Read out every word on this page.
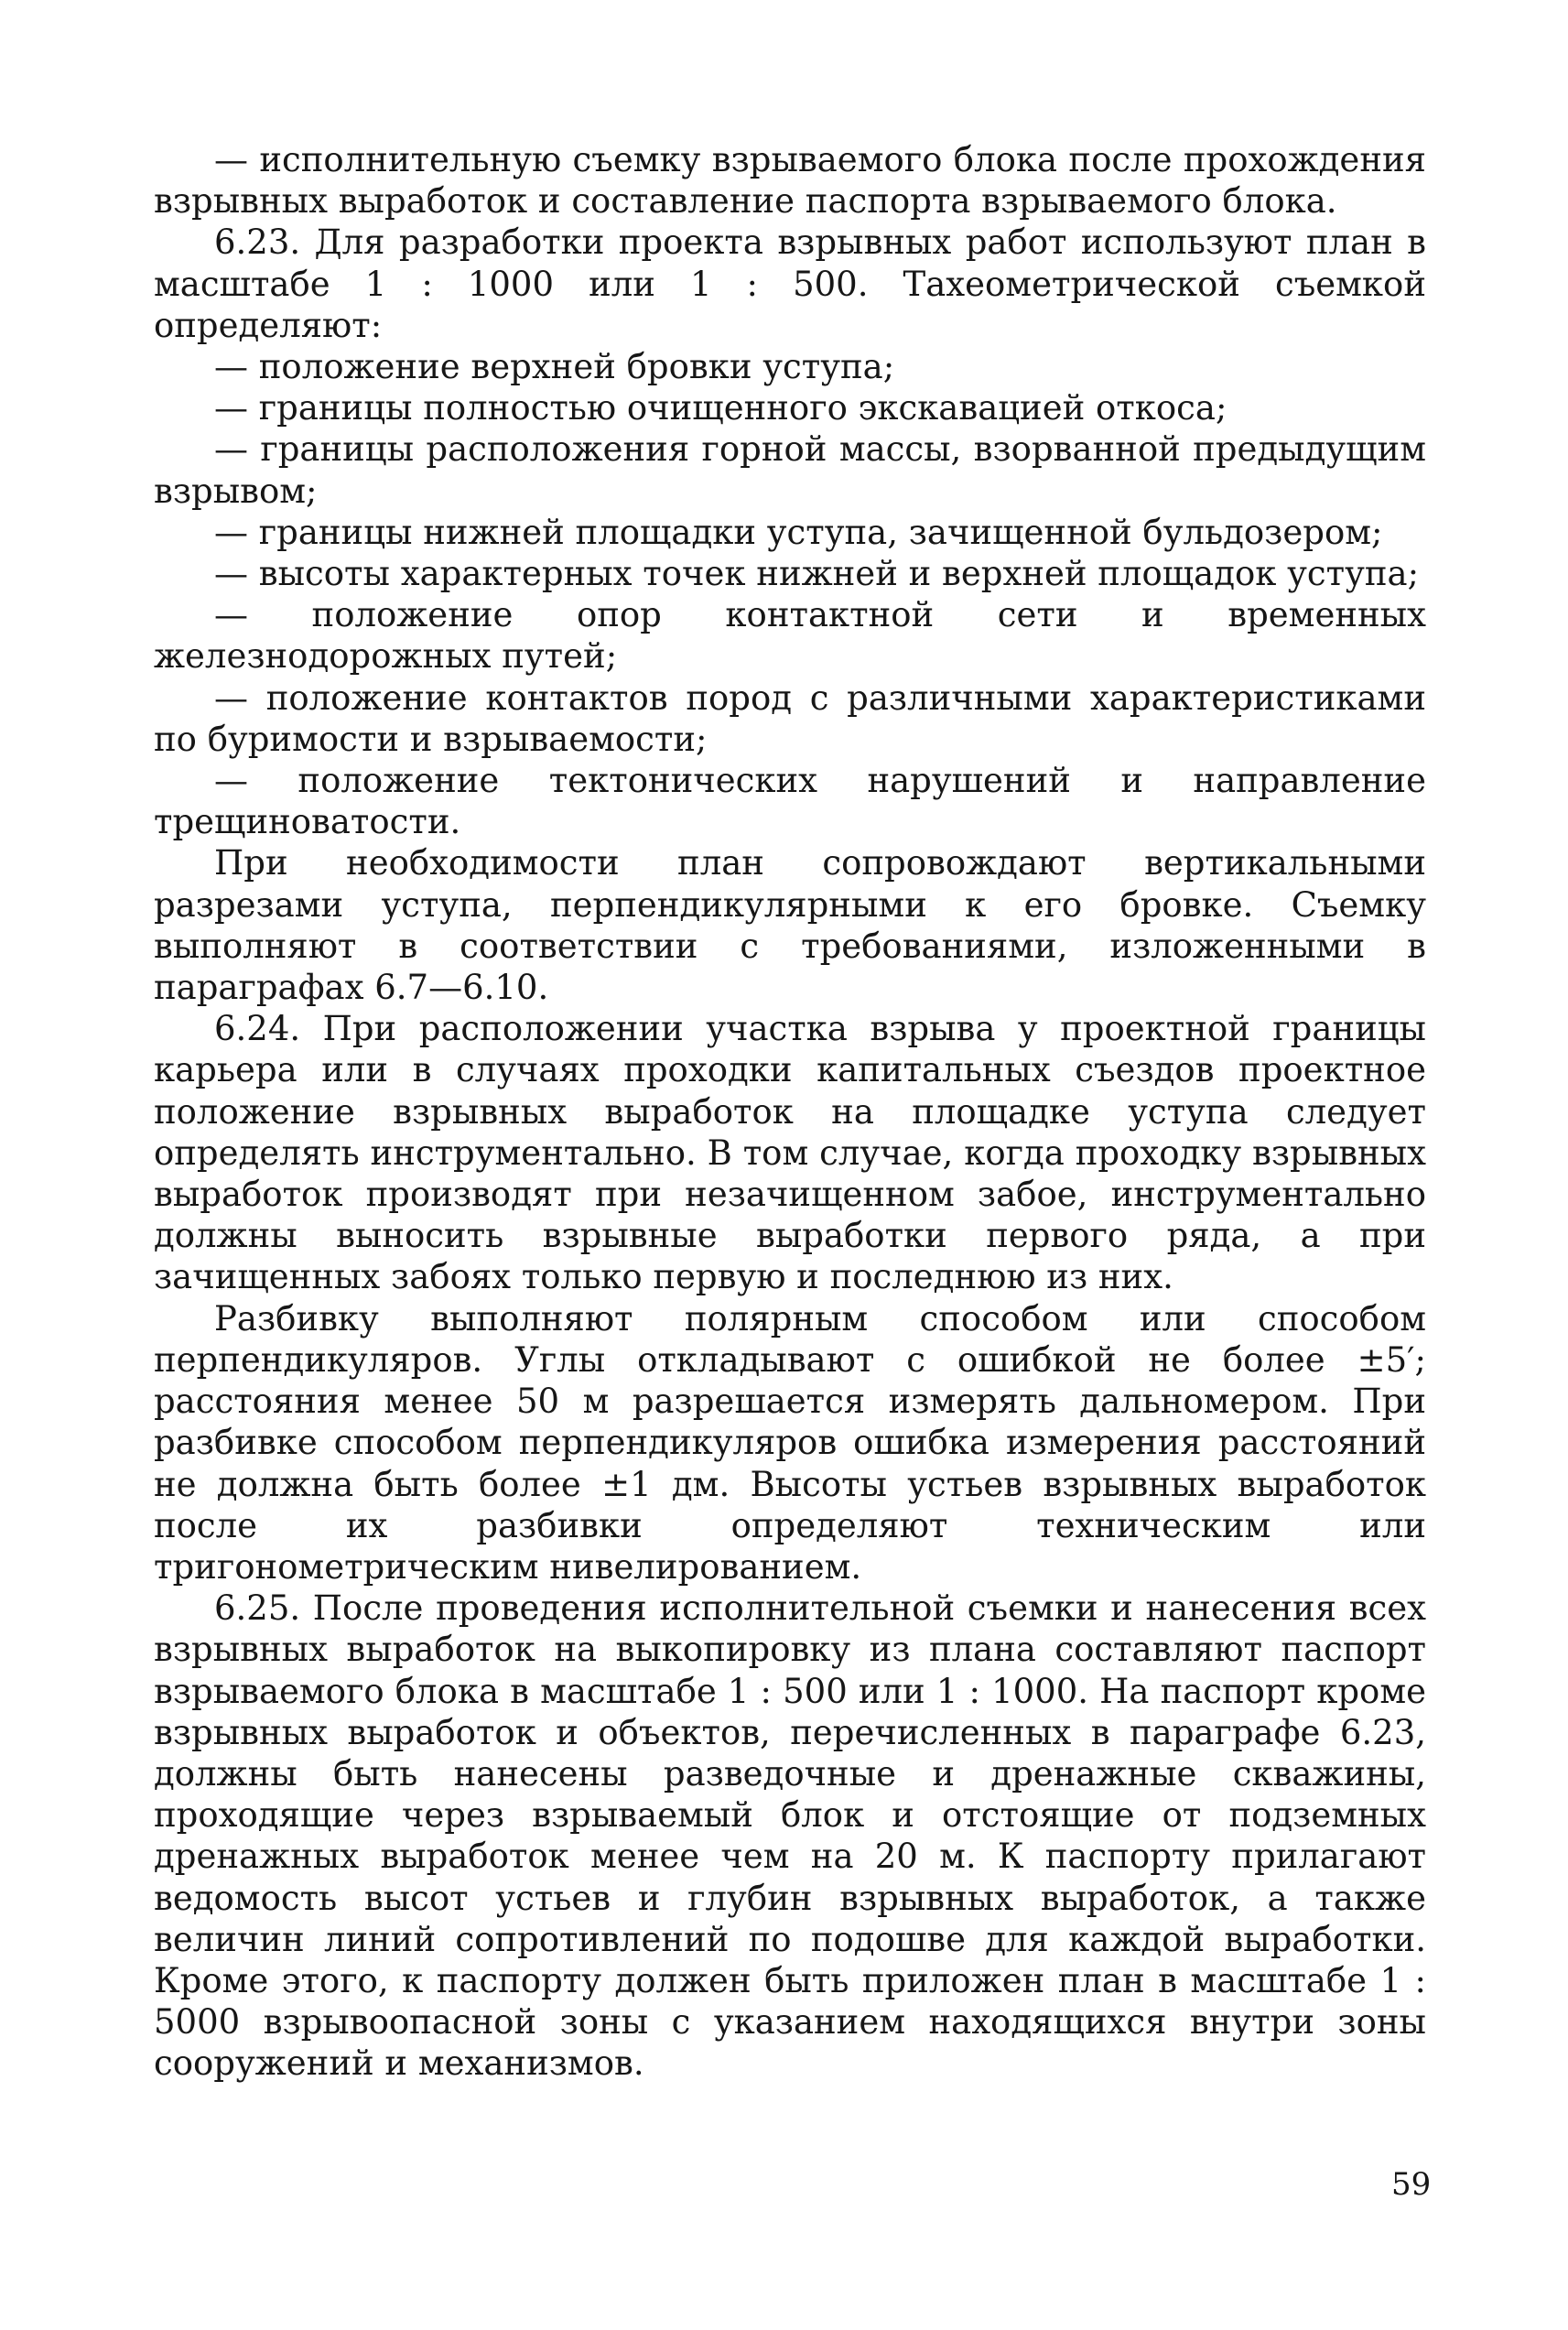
— исполнительную съемку взрываемого блока после прохождения взрывных выработок и составление паспорта взрываемого блока.

6.23. Для разработки проекта взрывных работ используют план в масштабе 1 : 1000 или 1 : 500. Тахеометрической съемкой определяют:

— положение верхней бровки уступа;

— границы полностью очищенного экскавацией откоса;

— границы расположения горной массы, взорванной предыдущим взрывом;

— границы нижней площадки уступа, зачищенной бульдозером;

— высоты характерных точек нижней и верхней площадок уступа;

— положение опор контактной сети и временных железнодорожных путей;

— положение контактов пород с различными характеристиками по буримости и взрываемости;

— положение тектонических нарушений и направление трещиноватости.

При необходимости план сопровождают вертикальными разрезами уступа, перпендикулярными к его бровке. Съемку выполняют в соответствии с требованиями, изложенными в параграфах 6.7—6.10.

6.24. При расположении участка взрыва у проектной границы карьера или в случаях проходки капитальных съездов проектное положение взрывных выработок на площадке уступа следует определять инструментально. В том случае, когда проходку взрывных выработок производят при незачищенном забое, инструментально должны выносить взрывные выработки первого ряда, а при зачищенных забоях только первую и последнюю из них.

Разбивку выполняют полярным способом или способом перпендикуляров. Углы откладывают с ошибкой не более ±5′; расстояния менее 50 м разрешается измерять дальномером. При разбивке способом перпендикуляров ошибка измерения расстояний не должна быть более ±1 дм. Высоты устьев взрывных выработок после их разбивки определяют техническим или тригонометрическим нивелированием.

6.25. После проведения исполнительной съемки и нанесения всех взрывных выработок на выкопировку из плана составляют паспорт взрываемого блока в масштабе 1 : 500 или 1 : 1000. На паспорт кроме взрывных выработок и объектов, перечисленных в параграфе 6.23, должны быть нанесены разведочные и дренажные скважины, проходящие через взрываемый блок и отстоящие от подземных дренажных выработок менее чем на 20 м. К паспорту прилагают ведомость высот устьев и глубин взрывных выработок, а также величин линий сопротивлений по подошве для каждой выработки. Кроме этого, к паспорту должен быть приложен план в масштабе 1 : 5000 взрывоопасной зоны с указанием находящихся внутри зоны сооружений и механизмов.

59
